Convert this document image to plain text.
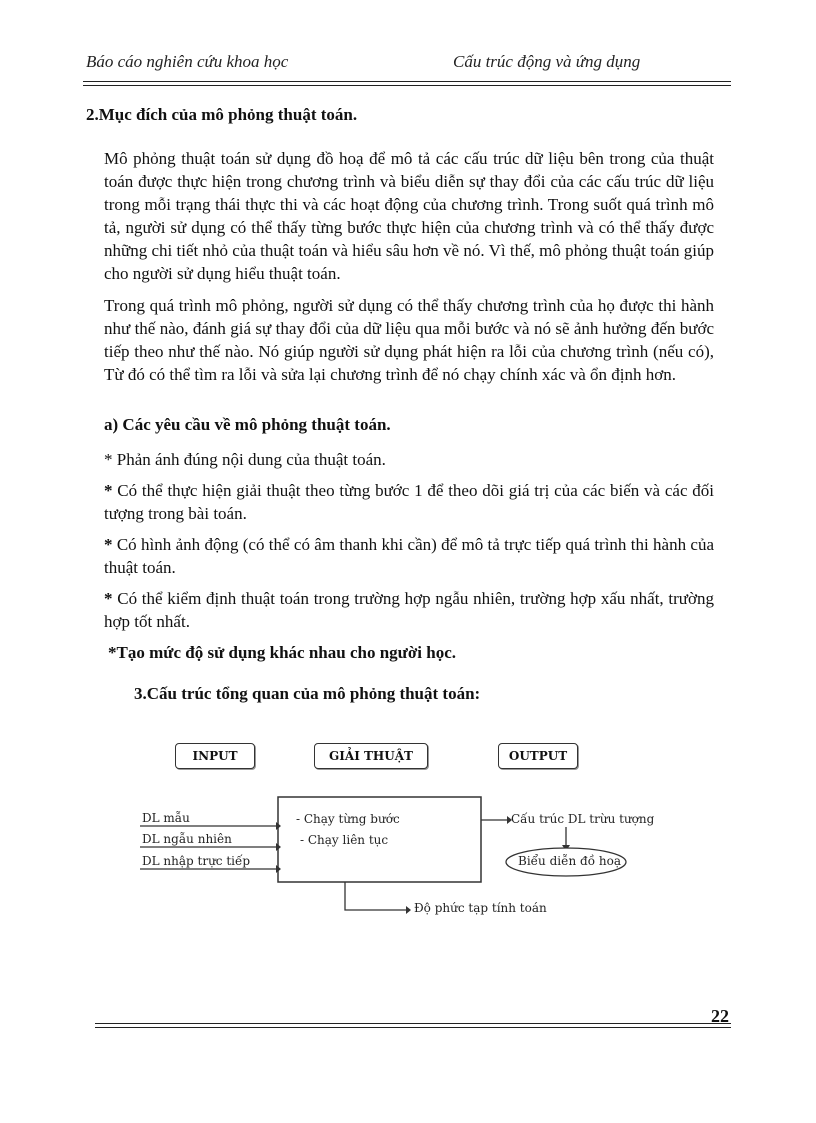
Báo cáo nghiên cứu khoa học	Cấu trúc động và ứng dụng
2.Mục đích của mô phỏng thuật toán.

Mô phỏng thuật toán sử dụng đồ hoạ để mô tả các cấu trúc dữ liệu bên trong của thuật toán được thực hiện trong chương trình và biểu diễn sự thay đổi của các cấu trúc dữ liệu trong mỗi trạng thái thực thi và các hoạt động của chương trình. Trong suốt quá trình mô tả, người sử dụng có thể thấy từng bước thực hiện của chương trình và có thể thấy được những chi tiết nhỏ của thuật toán và hiểu sâu hơn về nó. Vì thế, mô phỏng thuật toán giúp cho người sử dụng hiểu thuật toán.

Trong quá trình mô phỏng, người sử dụng có thể thấy chương trình của họ được thi hành như thế nào, đánh giá sự thay đổi của dữ liệu qua mỗi bước và nó sẽ ảnh hưởng đến bước tiếp theo như thế nào. Nó giúp người sử dụng phát hiện ra lỗi của chương trình (nếu có), Từ đó có thể tìm ra lỗi và sửa lại chương trình để nó chạy chính xác và ổn định hơn.

a) Các yêu cầu về mô phỏng thuật toán.

* Phản ánh đúng nội dung của thuật toán.

* Có thể thực hiện giải thuật theo từng bước 1 để theo dõi giá trị của các biến và các đối tượng trong bài toán.

* Có hình ảnh động (có thể có âm thanh khi cần) để mô tả trực tiếp quá trình thi hành của thuật toán.

* Có thể kiểm định thuật toán trong trường hợp ngẫu nhiên, trường hợp xấu nhất, trường hợp tốt nhất.

*Tạo mức độ sử dụng khác nhau cho người học.

3.Cấu trúc tổng quan của mô phỏng thuật toán:
INPUT	GIẢI THUẬT	OUTPUT
DL mẫu
DL ngẫu nhiên
DL nhập trực tiếp
- Chạy từng bước
- Chạy liên tục
Cấu trúc DL trừu tượng
Biểu diễn đồ hoạ
Độ phức tạp tính toán
22
